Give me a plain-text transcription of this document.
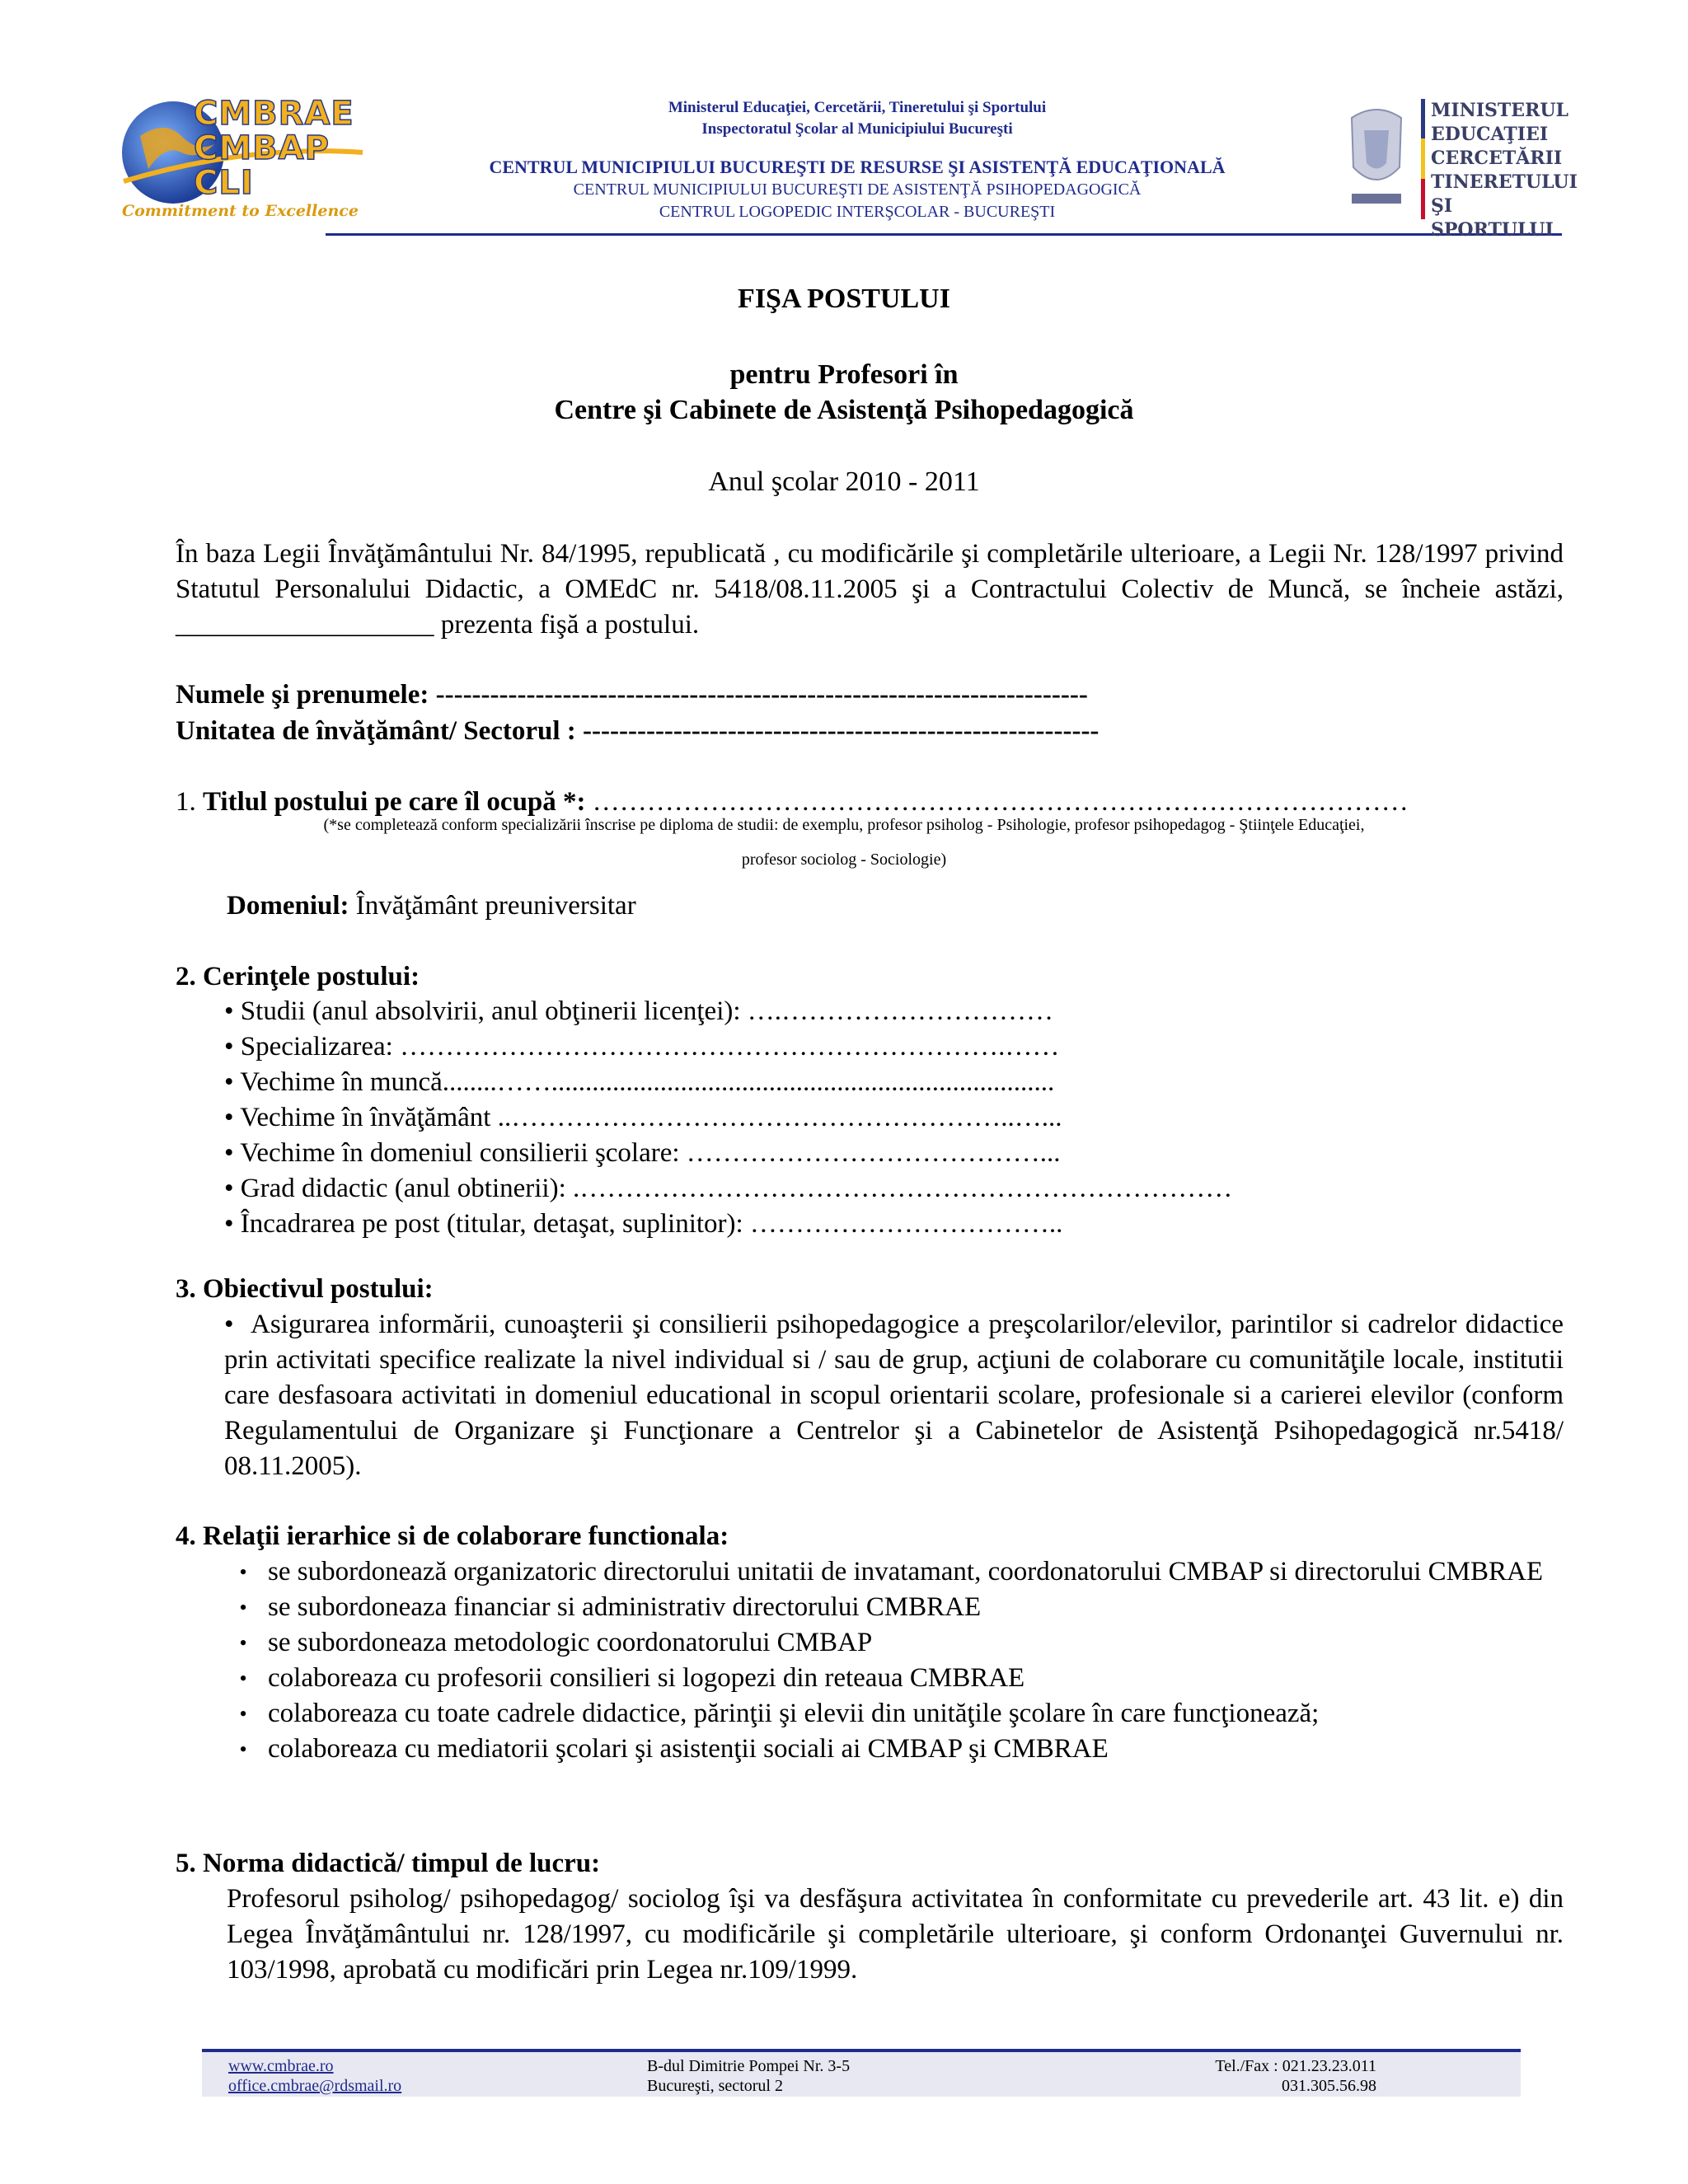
CMBRAE
CMBAP
CLI
Commitment to Excellence
Ministerul Educaţiei, Cercetării, Tineretului şi Sportului
Inspectoratul Şcolar al Municipiului Bucureşti
CENTRUL MUNICIPIULUI BUCUREŞTI DE RESURSE ŞI ASISTENŢĂ EDUCAŢIONALĂ
CENTRUL MUNICIPIULUI BUCUREŞTI DE ASISTENŢĂ PSIHOPEDAGOGICĂ
CENTRUL LOGOPEDIC INTERŞCOLAR - BUCUREŞTI	ROMANIA
MINISTERUL
EDUCAŢIEI
CERCETĂRII
TINERETULUI
ŞI SPORTULUI
FIŞA POSTULUI
pentru Profesori în
Centre şi Cabinete de Asistenţă Psihopedagogică
Anul şcolar 2010 - 2011
În baza Legii Învăţământului Nr. 84/1995, republicată , cu modificările şi completările ulterioare, a Legii Nr. 128/1997 privind Statutul Personalului Didactic, a OMEdC nr. 5418/08.11.2005 şi a Contractului Colectiv de Muncă, se încheie astăzi, ___________________ prezenta fişă a postului.
Numele şi prenumele: ------------------------------------------------------------------------
Unitatea de învăţământ/ Sectorul : ---------------------------------------------------------
1. Titlul postului pe care îl ocupă *: ………………………………………………………………………………
(*se completează conform specializării înscrise pe diploma de studii: de exemplu, profesor psiholog - Psihologie, profesor psihopedagog - Ştiinţele Educaţiei,
profesor sociolog - Sociologie)
Domeniul: Învăţământ preuniversitar
2. Cerinţele postului:
• Studii (anul absolvirii, anul obţinerii licenţei): ….…………………………
• Specializarea: ………………………………………………………….……
• Vechime în muncă........……..........................................................................
• Vechime în învăţământ ..………………………………………………..…...
• Vechime în domeniul consilierii şcolare: …………………………………...
• Grad didactic (anul obtinerii): .………………………………………………………………
• Încadrarea pe post (titular, detaşat, suplinitor): ……………………………..
3. Obiectivul postului:
• Asigurarea informării, cunoaşterii şi consilierii psihopedagogice a preşcolarilor/elevilor, parintilor si cadrelor didactice prin activitati specifice realizate la nivel individual si / sau de grup, acţiuni de colaborare cu comunităţile locale, institutii care desfasoara activitati in domeniul educational in scopul orientarii scolare, profesionale si a carierei elevilor (conform Regulamentului de Organizare şi Funcţionare a Centrelor şi a Cabinetelor de Asistenţă Psihopedagogică nr.5418/ 08.11.2005).
4. Relaţii ierarhice si de colaborare functionala:
• se subordonează organizatoric directorului unitatii de invatamant, coordonatorului CMBAP si directorului CMBRAE
• se subordoneaza financiar si administrativ directorului CMBRAE
• se subordoneaza metodologic coordonatorului CMBAP
• colaboreaza cu profesorii consilieri si logopezi din reteaua CMBRAE
• colaboreaza cu toate cadrele didactice, părinţii şi elevii din unităţile şcolare în care funcţionează;
• colaboreaza cu mediatorii şcolari şi asistenţii sociali ai CMBAP şi CMBRAE
5. Norma didactică/ timpul de lucru:
Profesorul psiholog/ psihopedagog/ sociolog îşi va desfăşura activitatea în conformitate cu prevederile art. 43 lit. e) din Legea Învăţământului nr. 128/1997, cu modificările şi completările ulterioare, şi conform Ordonanţei Guvernului nr. 103/1998, aprobată cu modificări prin Legea nr.109/1999.
www.cmbrae.ro
office.cmbrae@rdsmail.ro
B-dul Dimitrie Pompei Nr. 3-5
Bucureşti, sectorul 2
Tel./Fax : 021.23.23.011
031.305.56.98
